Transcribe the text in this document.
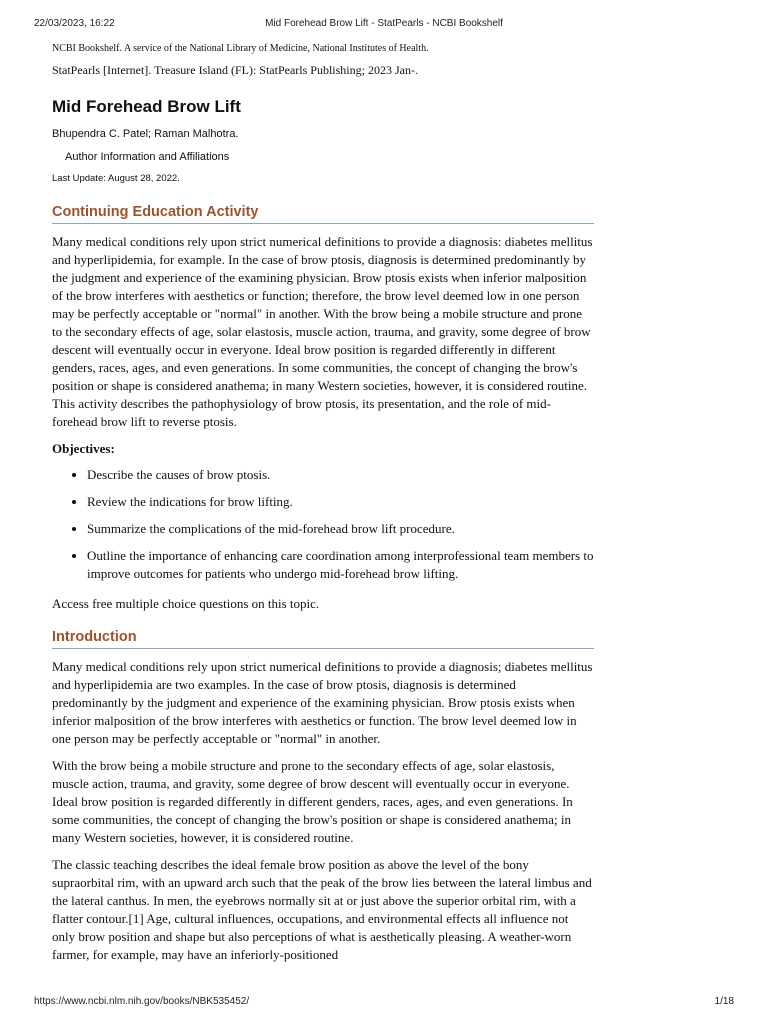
22/03/2023, 16:22	Mid Forehead Brow Lift - StatPearls - NCBI Bookshelf
NCBI Bookshelf. A service of the National Library of Medicine, National Institutes of Health.
StatPearls [Internet]. Treasure Island (FL): StatPearls Publishing; 2023 Jan-.
Mid Forehead Brow Lift
Bhupendra C. Patel; Raman Malhotra.
Author Information and Affiliations
Last Update: August 28, 2022.
Continuing Education Activity

Many medical conditions rely upon strict numerical definitions to provide a diagnosis: diabetes mellitus and hyperlipidemia, for example. In the case of brow ptosis, diagnosis is determined predominantly by the judgment and experience of the examining physician. Brow ptosis exists when inferior malposition of the brow interferes with aesthetics or function; therefore, the brow level deemed low in one person may be perfectly acceptable or "normal" in another. With the brow being a mobile structure and prone to the secondary effects of age, solar elastosis, muscle action, trauma, and gravity, some degree of brow descent will eventually occur in everyone. Ideal brow position is regarded differently in different genders, races, ages, and even generations. In some communities, the concept of changing the brow's position or shape is considered anathema; in many Western societies, however, it is considered routine. This activity describes the pathophysiology of brow ptosis, its presentation, and the role of mid-forehead brow lift to reverse ptosis.

Objectives:
• Describe the causes of brow ptosis.
• Review the indications for brow lifting.
• Summarize the complications of the mid-forehead brow lift procedure.
• Outline the importance of enhancing care coordination among interprofessional team members to improve outcomes for patients who undergo mid-forehead brow lifting.
Access free multiple choice questions on this topic.
Introduction

Many medical conditions rely upon strict numerical definitions to provide a diagnosis; diabetes mellitus and hyperlipidemia are two examples. In the case of brow ptosis, diagnosis is determined predominantly by the judgment and experience of the examining physician. Brow ptosis exists when inferior malposition of the brow interferes with aesthetics or function. The brow level deemed low in one person may be perfectly acceptable or "normal" in another.

With the brow being a mobile structure and prone to the secondary effects of age, solar elastosis, muscle action, trauma, and gravity, some degree of brow descent will eventually occur in everyone. Ideal brow position is regarded differently in different genders, races, ages, and even generations. In some communities, the concept of changing the brow's position or shape is considered anathema; in many Western societies, however, it is considered routine.

The classic teaching describes the ideal female brow position as above the level of the bony supraorbital rim, with an upward arch such that the peak of the brow lies between the lateral limbus and the lateral canthus. In men, the eyebrows normally sit at or just above the superior orbital rim, with a flatter contour.[1] Age, cultural influences, occupations, and environmental effects all influence not only brow position and shape but also perceptions of what is aesthetically pleasing. A weather-worn farmer, for example, may have an inferiorly-positioned

https://www.ncbi.nlm.nih.gov/books/NBK535452/	1/18
